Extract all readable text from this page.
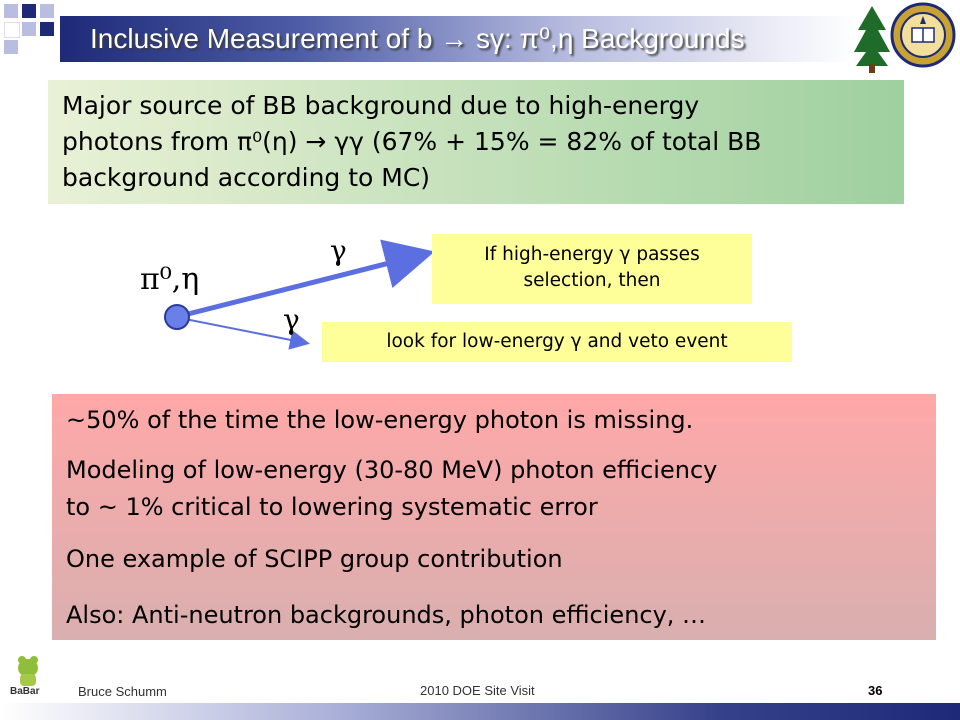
Inclusive Measurement of b → sγ: π⁰,η Backgrounds
Major source of BB background due to high-energy
photons from π⁰(η) → γγ (67% + 15% = 82% of total BB
background according to MC)
π⁰,η
γ
γ
If high-energy γ passes
selection, then
look for low-energy γ and veto event
~50% of the time the low-energy photon is missing.
Modeling of low-energy (30-80 MeV) photon efficiency
to ~ 1% critical to lowering systematic error
One example of SCIPP group contribution
Also: Anti-neutron backgrounds, photon efficiency, …
BaBar	Bruce Schumm	2010 DOE Site Visit	36
